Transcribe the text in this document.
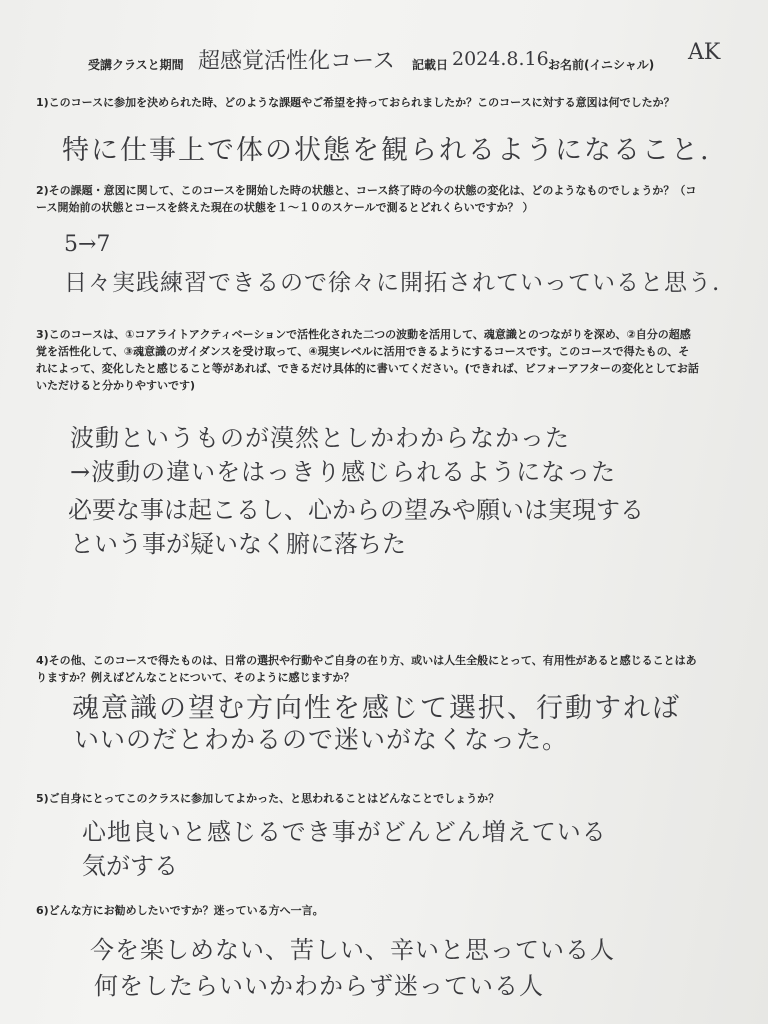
受講クラスと期間 超感覚活性化コース 記載日 2024.8.16 お名前(イニシャル) AK
1)このコースに参加を決められた時、どのような課題やご希望を持っておられましたか？このコースに対する意図は何でしたか？
特に仕事上で体の状態を観られるようになること.
2)その課題・意図に関して、このコースを開始した時の状態と、コース終了時の今の状態の変化は、どのようなものでしょうか？（コース開始前の状態とコースを終えた現在の状態を１～１０のスケールで測るとどれくらいですか？ ）
5→7
日々実践練習できるので徐々に開拓されていっていると思う.
3)このコースは、①コアライトアクティベーションで活性化された二つの波動を活用して、魂意識とのつながりを深め、②自分の超感覚を活性化して、③魂意識のガイダンスを受け取って、④現実レベルに活用できるようにするコースです。このコースで得たもの、それによって、変化したと感じること等があれば、できるだけ具体的に書いてください。(できれば、ビフォーアフターの変化としてお話いただけると分かりやすいです)
波動というものが漠然としかわからなかった
→波動の違いをはっきり感じられるようになった
必要な事は起こるし、心からの望みや願いは実現する
という事が疑いなく腑に落ちた
4)その他、このコースで得たものは、日常の選択や行動やご自身の在り方、或いは人生全般にとって、有用性があると感じることはありますか？例えばどんなことについて、そのように感じますか？
魂意識の望む方向性を感じて選択、行動すれば
いいのだとわかるので迷いがなくなった。
5)ご自身にとってこのクラスに参加してよかった、と思われることはどんなことでしょうか？
心地良いと感じるでき事がどんどん増えている
気がする
6)どんな方にお勧めしたいですか？迷っている方へ一言。
今を楽しめない、苦しい、辛いと思っている人
何をしたらいいかわからず迷っている人
